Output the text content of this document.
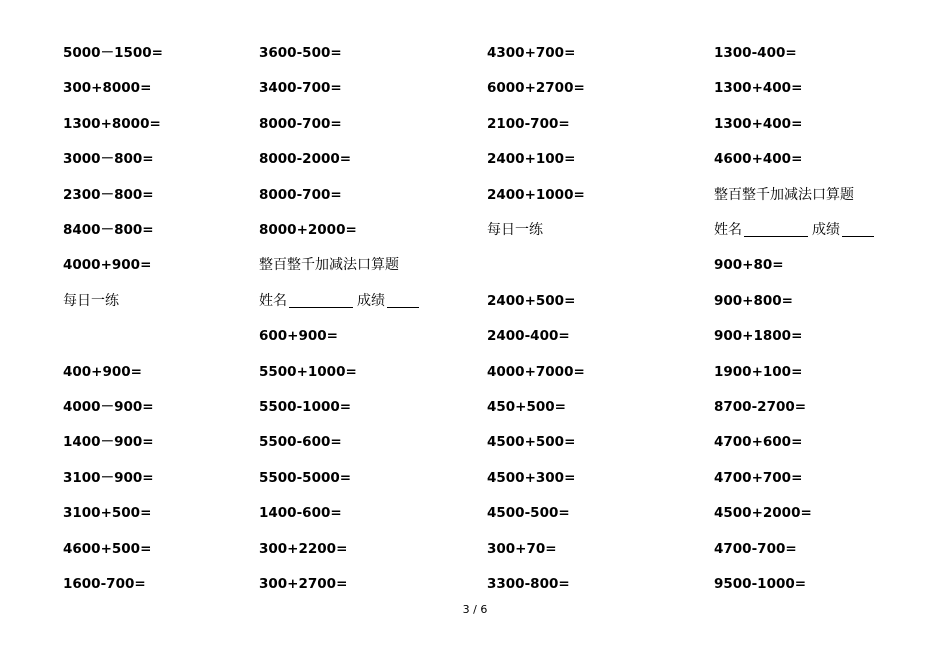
5000－1500=
300+8000=
1300+8000=
3000－800=
2300－800=
8400－800=
4000+900=
每日一练
400+900=
4000－900=
1400－900=
3100－900=
3100+500=
4600+500=
1600-700=
3600-500=
3400-700=
8000-700=
8000-2000=
8000-700=
8000+2000=
整百整千加减法口算题
姓名	成绩
600+900=
5500+1000=
5500-1000=
5500-600=
5500-5000=
1400-600=
300+2200=
300+2700=
4300+700=
6000+2700=
2100-700=
2400+100=
2400+1000=
每日一练
2400+500=
2400-400=
4000+7000=
450+500=
4500+500=
4500+300=
4500-500=
300+70=
3300-800=
1300-400=
1300+400=
1300+400=
4600+400=
整百整千加减法口算题
姓名	成绩
900+80=
900+800=
900+1800=
1900+100=
8700-2700=
4700+600=
4700+700=
4500+2000=
4700-700=
9500-1000=
3 / 6
